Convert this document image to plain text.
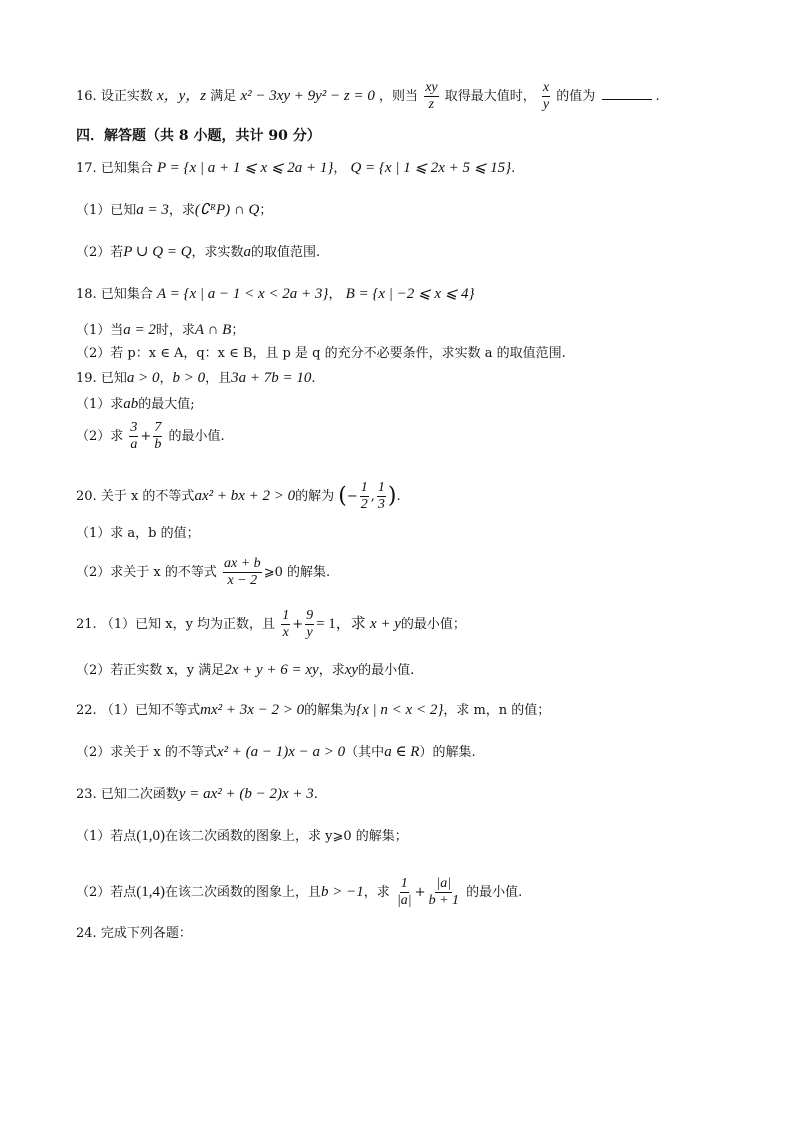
16. 设正实数 x，y，z 满足 x² − 3xy + 9y² − z = 0 ，则当 $\frac{xy}{z}$ 取得最大值时， $\frac{x}{y}$ 的值为	.
四．解答题（共 8 小题，共计 90 分）
17. 已知集合 P = {x | a + 1 ⩽ x ⩽ 2a + 1}， Q = {x | 1 ⩽ 2x + 5 ⩽ 15}.
（1）已知a = 3，求(∁ᴿP) ∩ Q；
（2）若P ∪ Q = Q，求实数a的取值范围.
18. 已知集合 A = {x | a − 1 < x < 2a + 3}， B = {x | −2 ⩽ x ⩽ 4}
（1）当a = 2时，求A ∩ B；
（2）若 p：x ∈ A，q：x ∈ B，且 p 是 q 的充分不必要条件，求实数 a 的取值范围.
19. 已知a > 0，b > 0，且3a + 7b = 10.
（1）求ab的最大值;
（2）求 $\frac{3}{a} + \frac{7}{b}$ 的最小值.
20. 关于 x 的不等式ax² + bx + 2 > 0的解为 (− $\frac{1}{2}$ , $\frac{1}{3}$ ).
（1）求 a，b 的值；
（2）求关于 x 的不等式 $\frac{ax + b}{x - 2}$ ⩾0 的解集.
21. （1）已知 x，y 均为正数，且 $\frac{1}{x} + \frac{9}{y} = 1$，求 x + y的最小值；
（2）若正实数 x，y 满足2x + y + 6 = xy，求xy的最小值.
22. （1）已知不等式mx² + 3x − 2 > 0的解集为{x | n < x < 2}，求 m，n 的值；
（2）求关于 x 的不等式x² + (a − 1)x − a > 0（其中a ∈ R）的解集.
23. 已知二次函数y = ax² + (b − 2)x + 3.
（1）若点(1,0)在该二次函数的图象上，求 y⩾0 的解集；
（2）若点(1,4)在该二次函数的图象上，且b > −1，求 $\frac{1}{|a|} + \frac{|a|}{b + 1}$ 的最小值.
24. 完成下列各题：
